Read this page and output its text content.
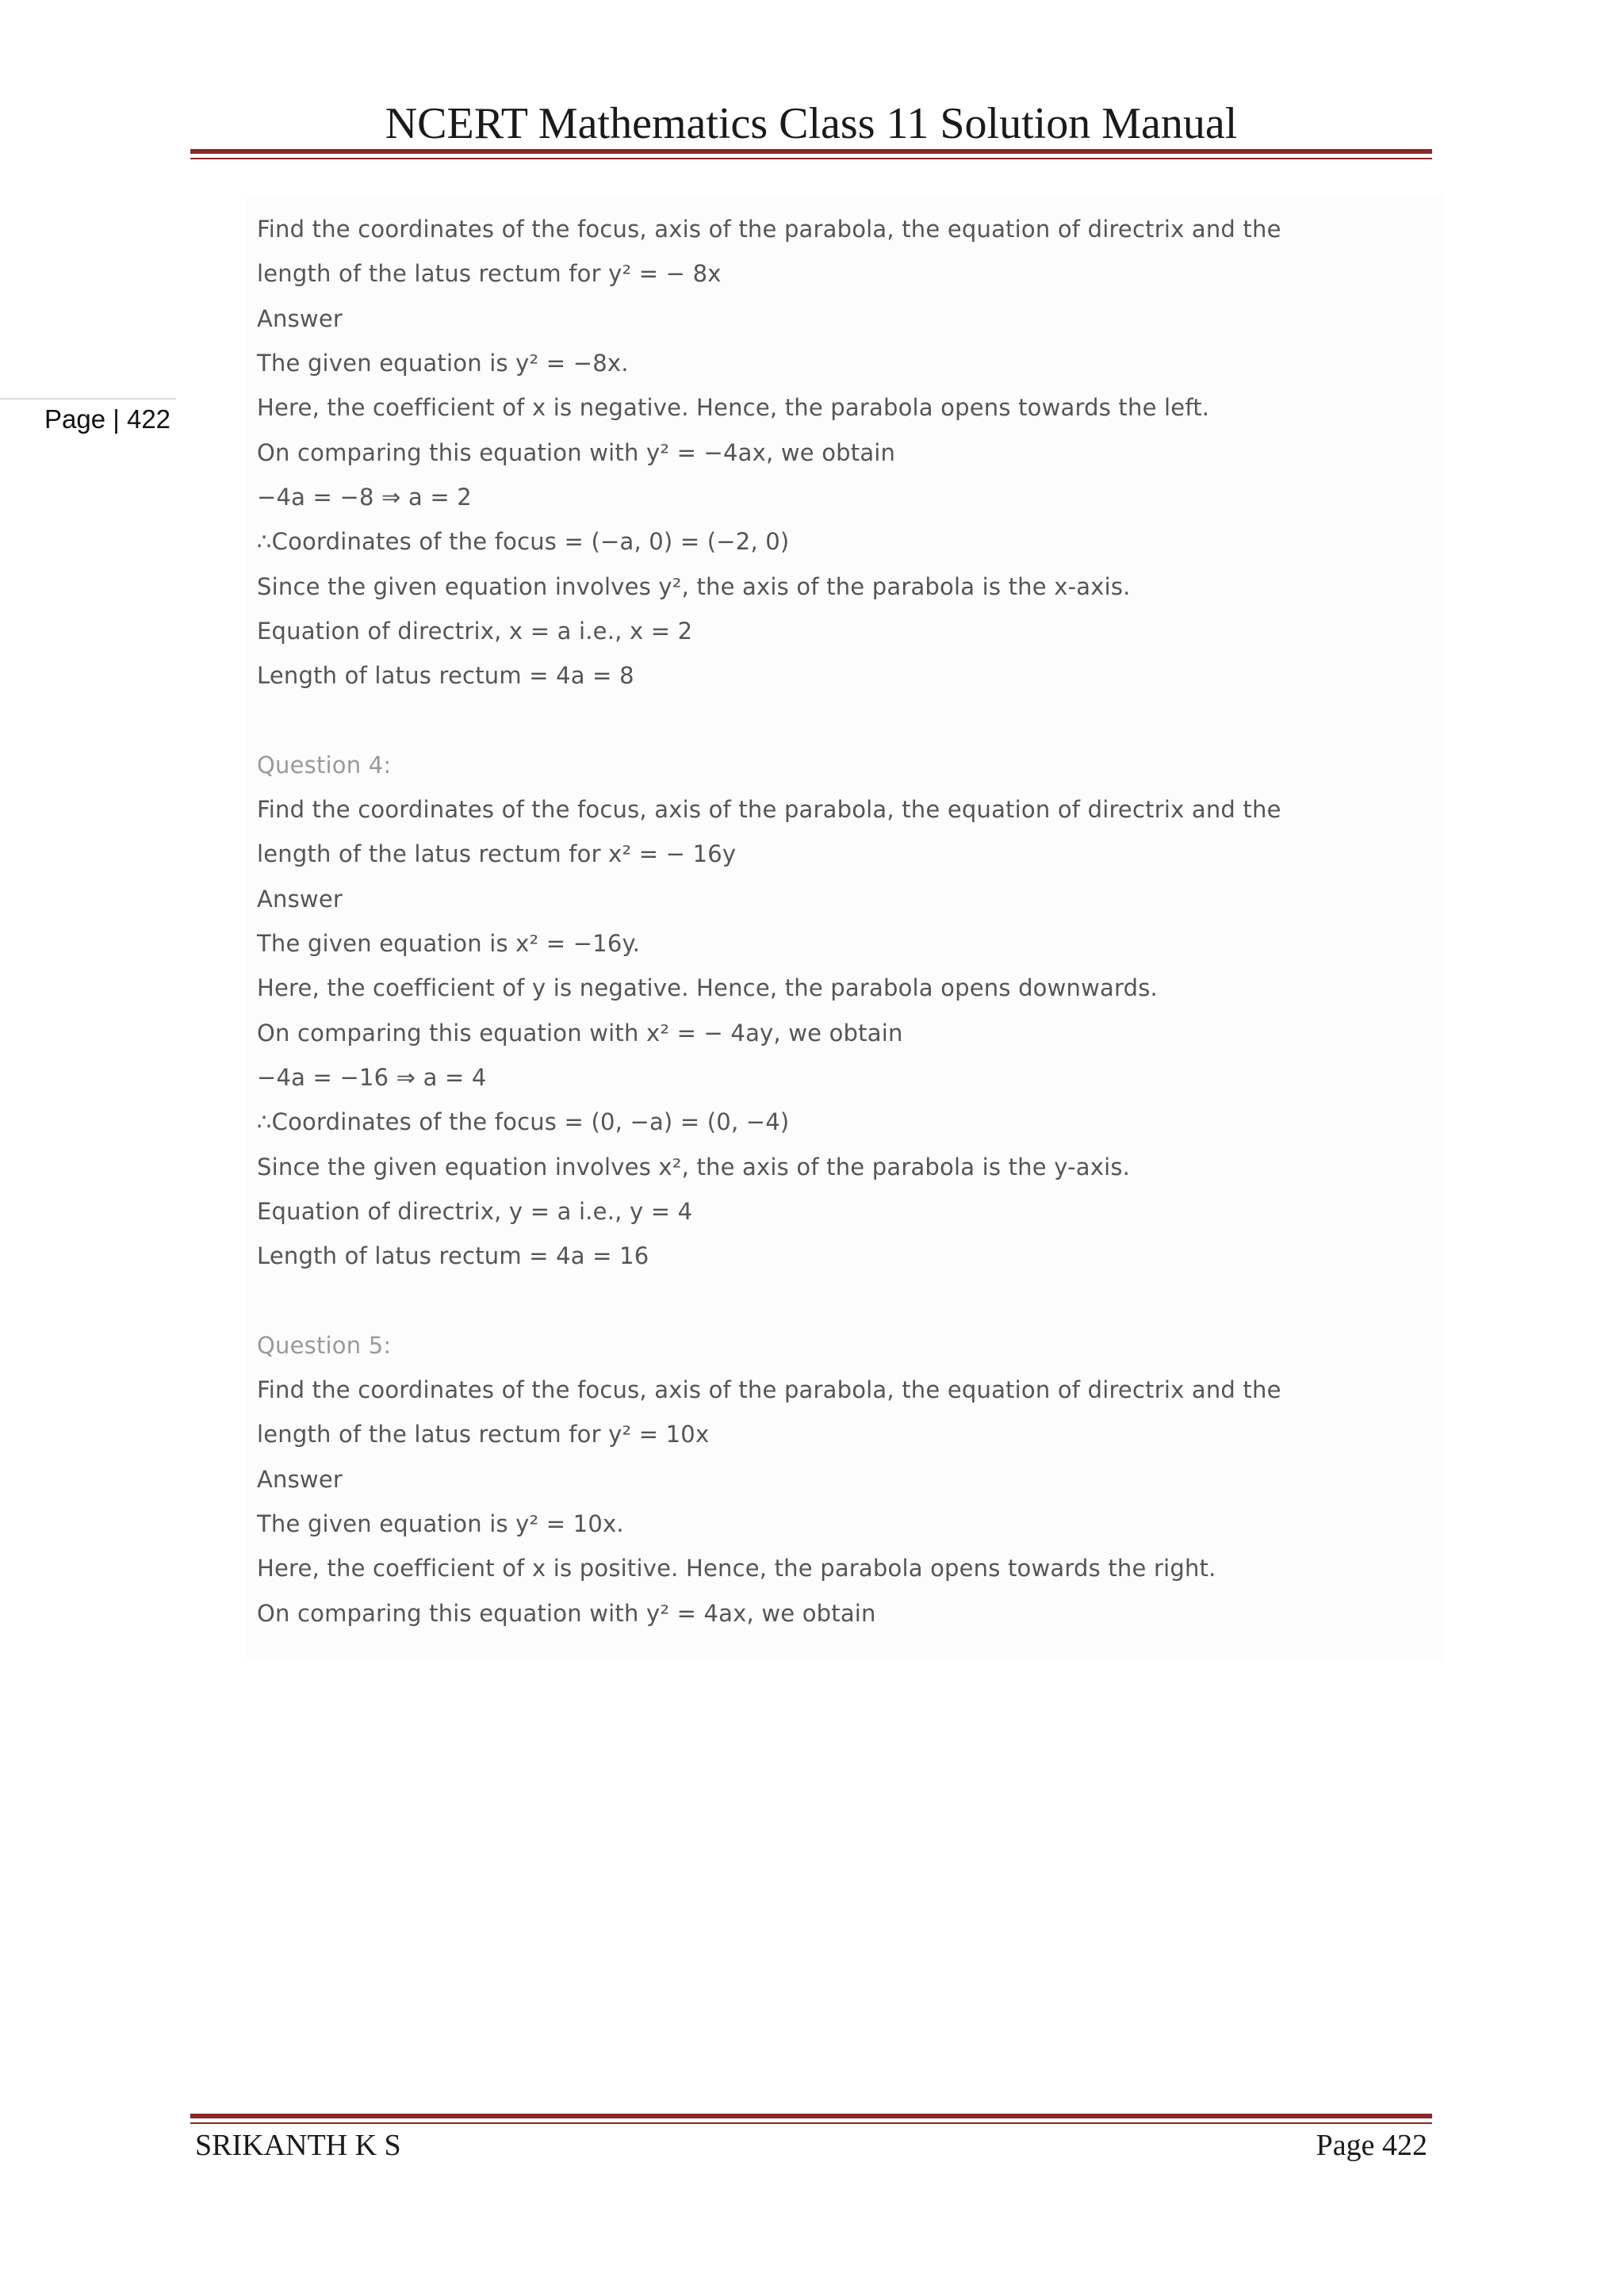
NCERT Mathematics Class 11 Solution Manual
Page | 422
Find the coordinates of the focus, axis of the parabola, the equation of directrix and the
length of the latus rectum for y² = − 8x
Answer
The given equation is y² = −8x.
Here, the coefficient of x is negative. Hence, the parabola opens towards the left.
On comparing this equation with y² = −4ax, we obtain
−4a = −8 ⇒ a = 2
∴Coordinates of the focus = (−a, 0) = (−2, 0)
Since the given equation involves y², the axis of the parabola is the x-axis.
Equation of directrix, x = a i.e., x = 2
Length of latus rectum = 4a = 8
Question 4:
Find the coordinates of the focus, axis of the parabola, the equation of directrix and the
length of the latus rectum for x² = − 16y
Answer
The given equation is x² = −16y.
Here, the coefficient of y is negative. Hence, the parabola opens downwards.
On comparing this equation with x² = − 4ay, we obtain
−4a = −16 ⇒ a = 4
∴Coordinates of the focus = (0, −a) = (0, −4)
Since the given equation involves x², the axis of the parabola is the y-axis.
Equation of directrix, y = a i.e., y = 4
Length of latus rectum = 4a = 16
Question 5:
Find the coordinates of the focus, axis of the parabola, the equation of directrix and the
length of the latus rectum for y² = 10x
Answer
The given equation is y² = 10x.
Here, the coefficient of x is positive. Hence, the parabola opens towards the right.
On comparing this equation with y² = 4ax, we obtain
SRIKANTH K S	Page 422
